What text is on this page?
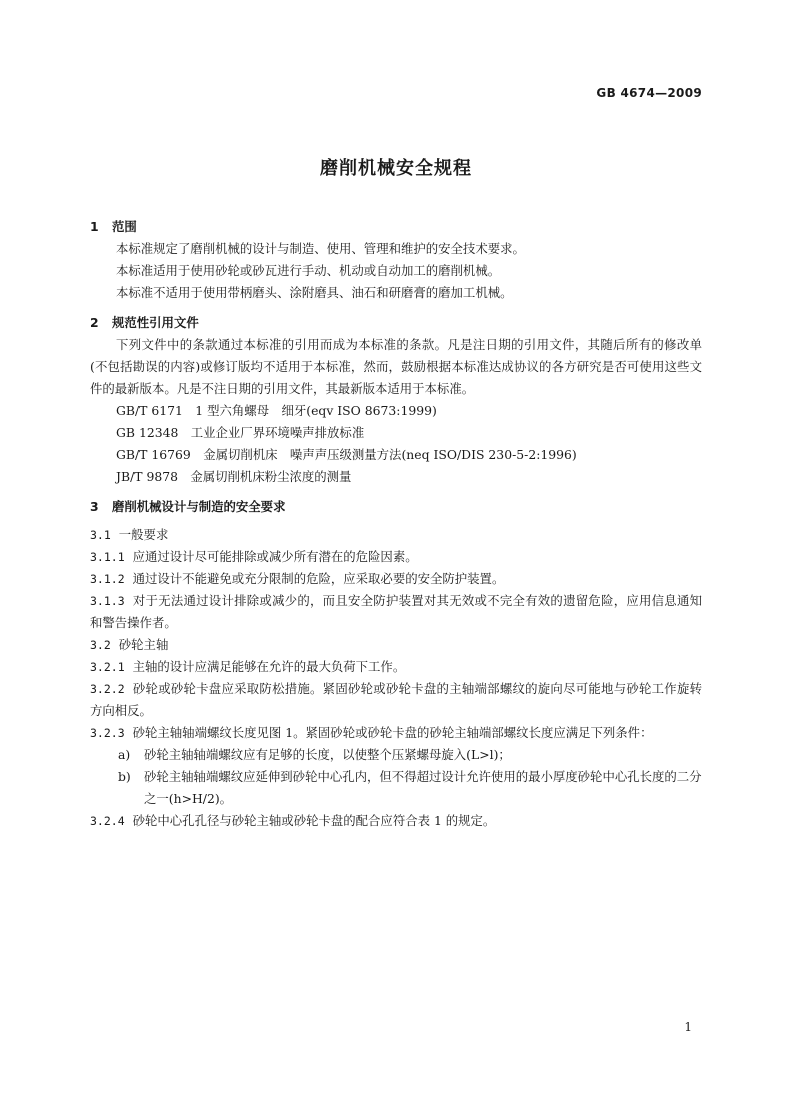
GB 4674—2009
磨削机械安全规程
1 范围
本标准规定了磨削机械的设计与制造、使用、管理和维护的安全技术要求。
本标准适用于使用砂轮或砂瓦进行手动、机动或自动加工的磨削机械。
本标准不适用于使用带柄磨头、涂附磨具、油石和研磨膏的磨加工机械。
2 规范性引用文件
下列文件中的条款通过本标准的引用而成为本标准的条款。凡是注日期的引用文件，其随后所有的修改单(不包括勘误的内容)或修订版均不适用于本标准，然而，鼓励根据本标准达成协议的各方研究是否可使用这些文件的最新版本。凡是不注日期的引用文件，其最新版本适用于本标准。
GB/T 6171　1 型六角螺母　细牙(eqv ISO 8673:1999)
GB 12348　工业企业厂界环境噪声排放标准
GB/T 16769　金属切削机床　噪声声压级测量方法(neq ISO/DIS 230-5-2:1996)
JB/T 9878　金属切削机床粉尘浓度的测量
3 磨削机械设计与制造的安全要求
3.1 一般要求
3.1.1 应通过设计尽可能排除或减少所有潜在的危险因素。
3.1.2 通过设计不能避免或充分限制的危险，应采取必要的安全防护装置。
3.1.3 对于无法通过设计排除或减少的，而且安全防护装置对其无效或不完全有效的遗留危险，应用信息通知和警告操作者。
3.2 砂轮主轴
3.2.1 主轴的设计应满足能够在允许的最大负荷下工作。
3.2.2 砂轮或砂轮卡盘应采取防松措施。紧固砂轮或砂轮卡盘的主轴端部螺纹的旋向尽可能地与砂轮工作旋转方向相反。
3.2.3 砂轮主轴轴端螺纹长度见图 1。紧固砂轮或砂轮卡盘的砂轮主轴端部螺纹长度应满足下列条件：
a) 砂轮主轴轴端螺纹应有足够的长度，以使整个压紧螺母旋入(L>l)；
b) 砂轮主轴轴端螺纹应延伸到砂轮中心孔内，但不得超过设计允许使用的最小厚度砂轮中心孔长度的二分之一(h>H/2)。
3.2.4 砂轮中心孔孔径与砂轮主轴或砂轮卡盘的配合应符合表 1 的规定。
1
